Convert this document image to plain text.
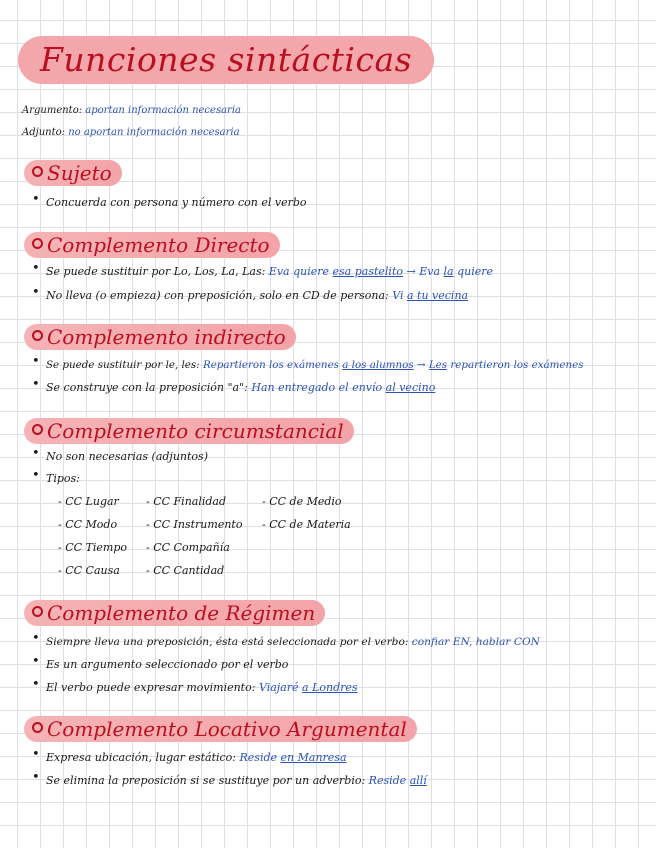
Funciones sintácticas
Argumento: aportan información necesaria
Adjunto: no aportan información necesaria
Sujeto
• Concuerda con persona y número con el verbo
Complemento Directo
• Se puede sustituir por Lo, Los, La, Las: Eva quiere esa pastelito → Eva la quiere
• No lleva (o empieza) con preposición, solo en CD de persona: Vi a tu vecina
Complemento indirecto
• Se puede sustituir por le, les: Repartieron los exámenes a los alumnos → Les repartieron los exámenes
• Se construye con la preposición "a": Han entregado el envío al vecino
Complemento circumstancial
• No son necesarias (adjuntos)
• Tipos:
- CC Lugar
- CC Modo
- CC Tiempo
- CC Causa
- CC Finalidad
- CC Instrumento
- CC Compañía
- CC Cantidad
- CC de Medio
- CC de Materia
Complemento de Régimen
• Siempre lleva una preposición, ésta está seleccionada por el verbo: confiar EN, hablar CON
• Es un argumento seleccionado por el verbo
• El verbo puede expresar movimiento: Viajaré a Londres
Complemento Locativo Argumental
• Expresa ubicación, lugar estático: Reside en Manresa
• Se elimina la preposición si se sustituye por un adverbio: Reside allí
